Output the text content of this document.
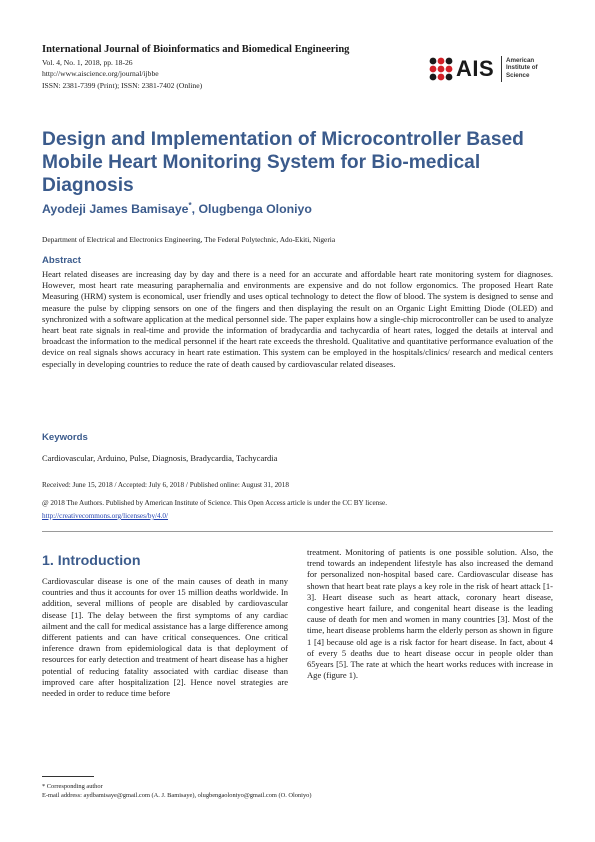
International Journal of Bioinformatics and Biomedical Engineering

Vol. 4, No. 1, 2018, pp. 18-26

http://www.aiscience.org/journal/ijbbe

ISSN: 2381-7399 (Print); ISSN: 2381-7402 (Online)

AIS American
Institute of
Science
Design and Implementation of Microcontroller Based Mobile Heart Monitoring System for Bio-medical Diagnosis

Ayodeji James Bamisaye*, Olugbenga Oloniyo

Department of Electrical and Electronics Engineering, The Federal Polytechnic, Ado-Ekiti, Nigeria

Abstract

Heart related diseases are increasing day by day and there is a need for an accurate and affordable heart rate monitoring system for diagnoses. However, most heart rate measuring paraphernalia and environments are expensive and do not follow ergonomics. The proposed Heart Rate Measuring (HRM) system is economical, user friendly and uses optical technology to detect the flow of blood. The system is designed to sense and measure the pulse by clipping sensors on one of the fingers and then displaying the result on an Organic Light Emitting Diode (OLED) and synchronized with a software application at the medical personnel side. The paper explains how a single-chip microcontroller can be used to analyze heart beat rate signals in real-time and provide the information of bradycardia and tachycardia of heart rates, logged the details at interval and broadcast the information to the medical personnel if the heart rate exceeds the threshold. Qualitative and quantitative performance evaluation of the device on real signals shows accuracy in heart rate estimation. This system can be employed in the hospitals/clinics/ research and medical centers especially in developing countries to reduce the rate of death caused by cardiovascular related diseases.

Keywords

Cardiovascular, Arduino, Pulse, Diagnosis, Bradycardia, Tachycardia

Received: June 15, 2018 / Accepted: July 6, 2018 / Published online: August 31, 2018

@ 2018 The Authors. Published by American Institute of Science. This Open Access article is under the CC BY license.

http://creativecommons.org/licenses/by/4.0/

1. Introduction

Cardiovascular disease is one of the main causes of death in many countries and thus it accounts for over 15 million deaths worldwide. In addition, several millions of people are disabled by cardiovascular disease [1]. The delay between the first symptoms of any cardiac ailment and the call for medical assistance has a large difference among different patients and can have critical consequences. One critical inference drawn from epidemiological data is that deployment of resources for early detection and treatment of heart disease has a higher potential of reducing fatality associated with cardiac disease than improved care after hospitalization [2]. Hence novel strategies are needed in order to reduce time before

treatment. Monitoring of patients is one possible solution. Also, the trend towards an independent lifestyle has also increased the demand for personalized non-hospital based care. Cardiovascular disease has shown that heart beat rate plays a key role in the risk of heart attack [1-3]. Heart disease such as heart attack, coronary heart disease, congestive heart failure, and congenital heart disease is the leading cause of death for men and women in many countries [3]. Most of the time, heart disease problems harm the elderly person as shown in figure 1 [4] because old age is a risk factor for heart disease. In fact, about 4 of every 5 deaths due to heart disease occur in people older than 65years [5]. The rate at which the heart works reduces with increase in Age (figure 1).

* Corresponding author

E-mail address: aydbamisaye@gmail.com (A. J. Bamisaye), olugbengaoloniyo@gmail.com (O. Oloniyo)
